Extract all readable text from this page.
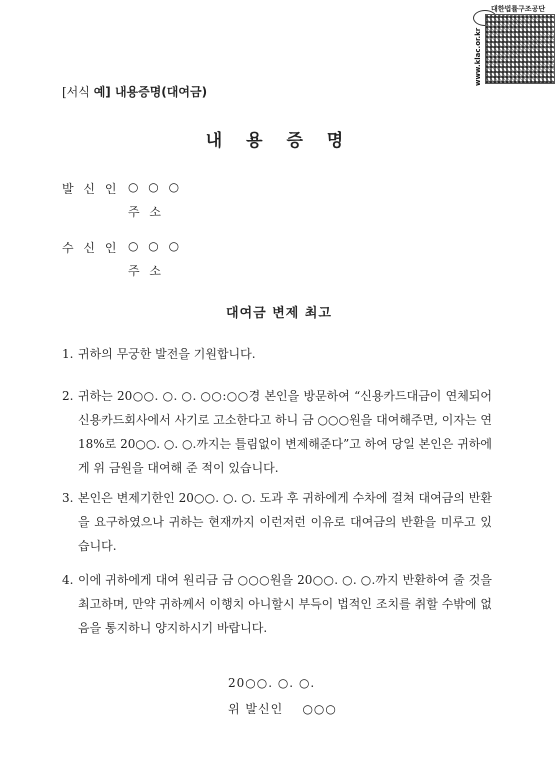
www.klac.or.kr
대한법률구조공단
[서식 예] 내용증명(대여금)
내 용 증 명
발 신 인 ○ ○ ○
주 소
수 신 인 ○ ○ ○
주 소
대여금 변제 최고
1. 귀하의 무궁한 발전을 기원합니다.
2. 귀하는 20○○. ○. ○. ○○:○○경 본인을 방문하여 “신용카드대금이 연체되어 신용카드회사에서 사기로 고소한다고 하니 금 ○○○원을 대여해주면, 이자는 연 18%로 20○○. ○. ○.까지는 틀림없이 변제해준다”고 하여 당일 본인은 귀하에게 위 금원을 대여해 준 적이 있습니다.
3. 본인은 변제기한인 20○○. ○. ○. 도과 후 귀하에게 수차에 걸쳐 대여금의 반환을 요구하였으나 귀하는 현재까지 이런저런 이유로 대여금의 반환을 미루고 있습니다.
4. 이에 귀하에게 대여 원리금 금 ○○○원을 20○○. ○. ○.까지 반환하여 줄 것을 최고하며, 만약 귀하께서 이행치 아니할시 부득이 법적인 조치를 취할 수밖에 없음을 통지하니 양지하시기 바랍니다.
20○○. ○. ○.
위 발신인 ○○○
